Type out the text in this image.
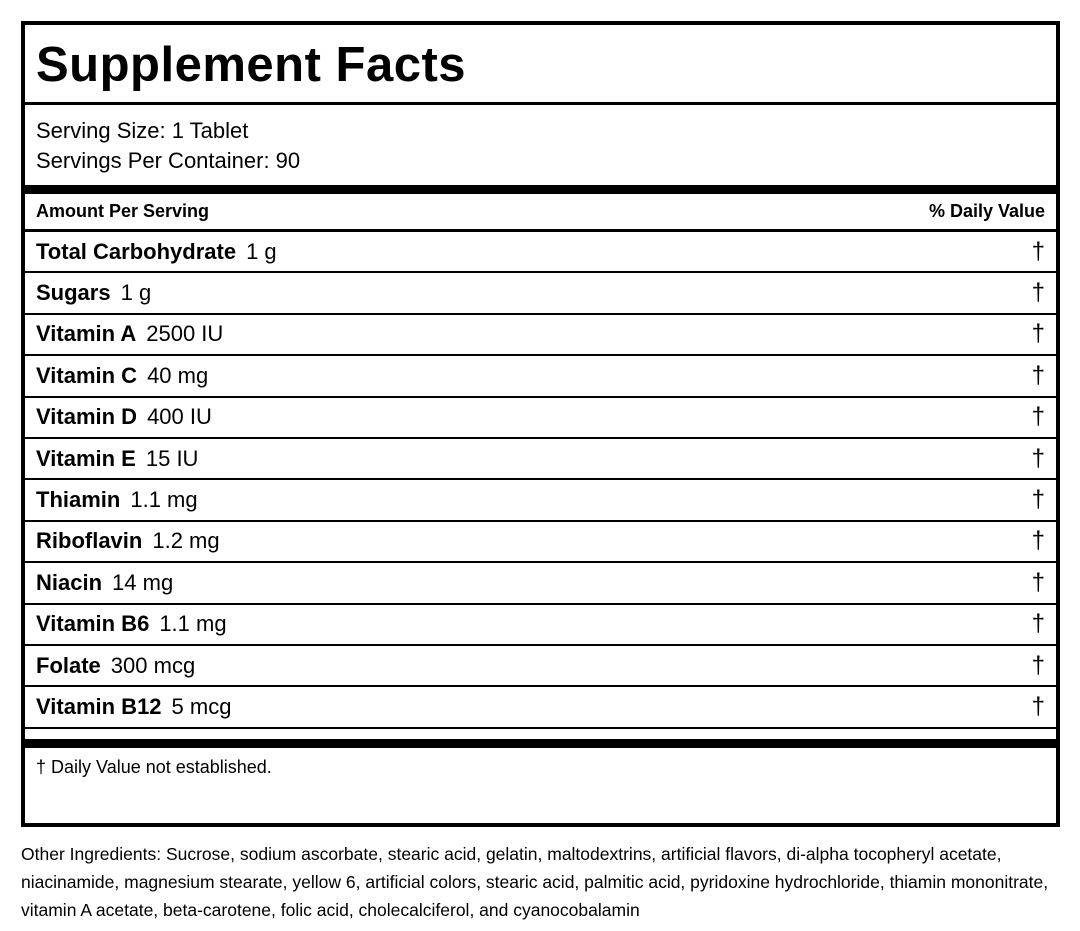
Supplement Facts
Serving Size: 1 Tablet
Servings Per Container: 90
Amount Per Serving	% Daily Value
Total Carbohydrate 1 g	†
Sugars 1 g	†
Vitamin A 2500 IU	†
Vitamin C 40 mg	†
Vitamin D 400 IU	†
Vitamin E 15 IU	†
Thiamin 1.1 mg	†
Riboflavin 1.2 mg	†
Niacin 14 mg	†
Vitamin B6 1.1 mg	†
Folate 300 mcg	†
Vitamin B12 5 mcg	†
† Daily Value not established.
Other Ingredients: Sucrose, sodium ascorbate, stearic acid, gelatin, maltodextrins, artificial flavors, di-alpha tocopheryl acetate, niacinamide, magnesium stearate, yellow 6, artificial colors, stearic acid, palmitic acid, pyridoxine hydrochloride, thiamin mononitrate, vitamin A acetate, beta-carotene, folic acid, cholecalciferol, and cyanocobalamin
